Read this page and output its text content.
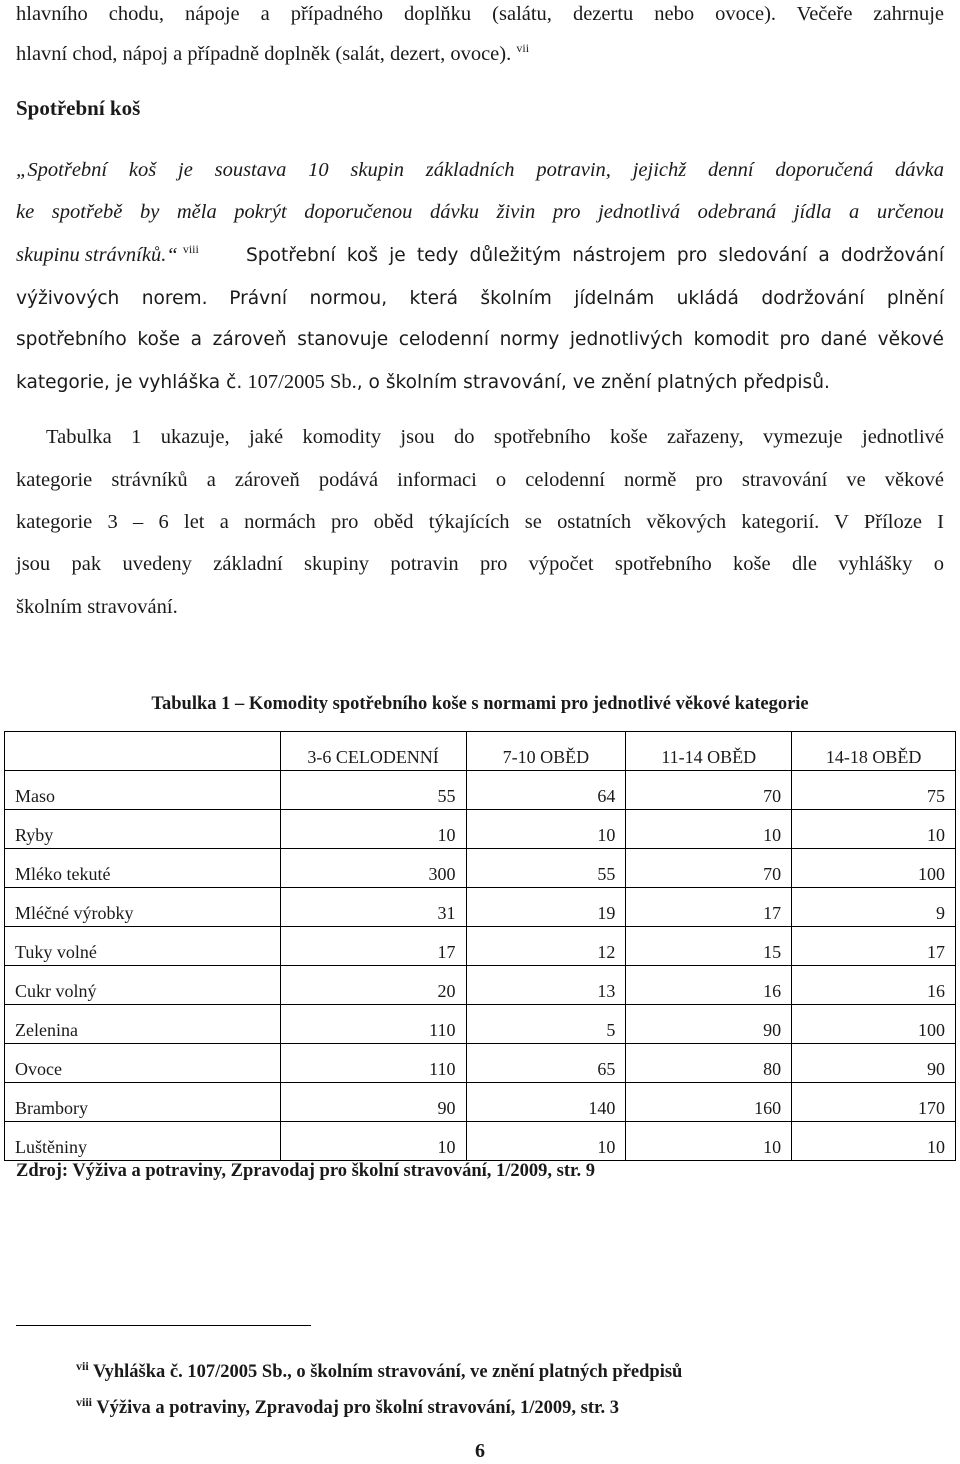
hlavního chodu, nápoje a případného doplňku (salátu, dezertu nebo ovoce). Večeře zahrnuje
hlavní chod, nápoj a případně doplněk (salát, dezert, ovoce). $^{vii}$
Spotřební koš
„Spotřební koš je soustava 10 skupin základních potravin, jejichž denní doporučená dávka
ke spotřebě by měla pokrýt doporučenou dávku živin pro jednotlivá odebraná jídla a určenou
skupinu strávníků.“ $^{viii}$	Spotřební koš je tedy důležitým nástrojem pro sledování a dodržování
výživových norem. Právní normou, která školním jídelnám ukládá dodržování plnění
spotřebního koše a zároveň stanovuje celodenní normy jednotlivých komodit pro dané věkové
kategorie, je vyhláška č. 107/2005 Sb., o školním stravování, ve znění platných předpisů.
Tabulka 1 ukazuje, jaké komodity jsou do spotřebního koše zařazeny, vymezuje jednotlivé
kategorie strávníků a zároveň podává informaci o celodenní normě pro stravování ve věkové
kategorie 3 – 6 let a normách pro oběd týkajících se ostatních věkových kategorií. V Příloze I
jsou pak uvedeny základní skupiny potravin pro výpočet spotřebního koše dle vyhlášky o
školním stravování.
Tabulka 1 – Komodity spotřebního koše s normami pro jednotlivé věkové kategorie
	3-6 CELODENNÍ	7-10 OBĚD	11-14 OBĚD	14-18 OBĚD
Maso	55	64	70	75
Ryby	10	10	10	10
Mléko tekuté	300	55	70	100
Mléčné výrobky	31	19	17	9
Tuky volné	17	12	15	17
Cukr volný	20	13	16	16
Zelenina	110	5	90	100
Ovoce	110	65	80	90
Brambory	90	140	160	170
Luštěniny	10	10	10	10
Zdroj: Výživa a potraviny, Zpravodaj pro školní stravování, 1/2009, str. 9
$^{vii}$ Vyhláška č. 107/2005 Sb., o školním stravování, ve znění platných předpisů
$^{viii}$ Výživa a potraviny, Zpravodaj pro školní stravování, 1/2009, str. 3
6
